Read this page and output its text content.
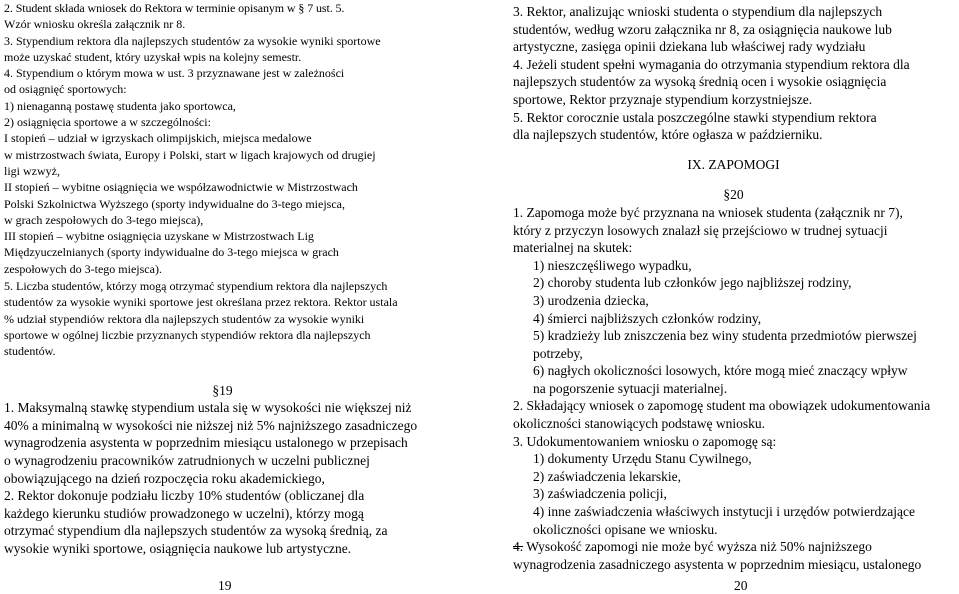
2. Student składa wniosek do Rektora w terminie opisanym w § 7 ust. 5.

Wzór wniosku określa załącznik nr 8.

3. Stypendium rektora dla najlepszych studentów za wysokie wyniki sportowe

może uzyskać student, który uzyskał wpis na kolejny semestr.

4. Stypendium o którym mowa w ust. 3 przyznawane jest w zależności

od osiągnięć sportowych:

1) nienaganną postawę studenta jako sportowca,

2) osiągnięcia sportowe a w szczególności:

I stopień – udział w igrzyskach olimpijskich, miejsca medalowe

w mistrzostwach świata, Europy i Polski, start w ligach krajowych od drugiej

ligi wzwyż,

II stopień – wybitne osiągnięcia we współzawodnictwie w Mistrzostwach

Polski Szkolnictwa Wyższego (sporty indywidualne do 3-tego miejsca,

w grach zespołowych do 3-tego miejsca),

III stopień – wybitne osiągnięcia uzyskane w Mistrzostwach Lig

Międzyuczelnianych (sporty indywidualne do 3-tego miejsca w grach

zespołowych do 3-tego miejsca).

5. Liczba studentów, którzy mogą otrzymać stypendium rektora dla najlepszych

studentów za wysokie wyniki sportowe jest określana przez rektora. Rektor ustala

% udział stypendiów rektora dla najlepszych studentów za wysokie wyniki

sportowe w ogólnej liczbie przyznanych stypendiów rektora dla najlepszych

studentów.

§19

1. Maksymalną stawkę stypendium ustala się w wysokości nie większej niż

40% a minimalną w wysokości nie niższej niż 5% najniższego zasadniczego

wynagrodzenia asystenta w poprzednim miesiącu ustalonego w przepisach

o wynagrodzeniu pracowników zatrudnionych w uczelni publicznej

obowiązującego na dzień rozpoczęcia roku akademickiego,

2. Rektor dokonuje podziału liczby 10% studentów (obliczanej dla

każdego kierunku studiów prowadzonego w uczelni), którzy mogą

otrzymać stypendium dla najlepszych studentów za wysoką średnią, za

wysokie wyniki sportowe, osiągnięcia naukowe lub artystyczne.

19

3. Rektor, analizując wnioski studenta o stypendium dla najlepszych

studentów, według wzoru załącznika nr 8, za osiągnięcia naukowe lub

artystyczne, zasięga opinii dziekana lub właściwej rady wydziału

4. Jeżeli student spełni wymagania do otrzymania stypendium rektora dla

najlepszych studentów za wysoką średnią ocen i wysokie osiągnięcia

sportowe, Rektor przyznaje stypendium korzystniejsze.

5. Rektor corocznie ustala poszczególne stawki stypendium rektora

dla najlepszych studentów, które ogłasza w październiku.

IX. ZAPOMOGI

§20

1. Zapomoga może być przyznana na wniosek studenta (załącznik nr 7),

który z przyczyn losowych znalazł się przejściowo w trudnej sytuacji

materialnej na skutek:

1) nieszczęśliwego wypadku,

2) choroby studenta lub członków jego najbliższej rodziny,

3) urodzenia dziecka,

4) śmierci najbliższych członków rodziny,

5) kradzieży lub zniszczenia bez winy studenta przedmiotów pierwszej

potrzeby,

6) nagłych okoliczności losowych, które mogą mieć znaczący wpływ

na pogorszenie sytuacji materialnej.

2. Składający wniosek o zapomogę student ma obowiązek udokumentowania

okoliczności stanowiących podstawę wniosku.

3. Udokumentowaniem wniosku o zapomogę są:

1) dokumenty Urzędu Stanu Cywilnego,

2) zaświadczenia lekarskie,

3) zaświadczenia policji,

4) inne zaświadczenia właściwych instytucji i urzędów potwierdzające

okoliczności opisane we wniosku.

4. Wysokość zapomogi nie może być wyższa niż 50% najniższego

wynagrodzenia zasadniczego asystenta w poprzednim miesiącu, ustalonego

20
